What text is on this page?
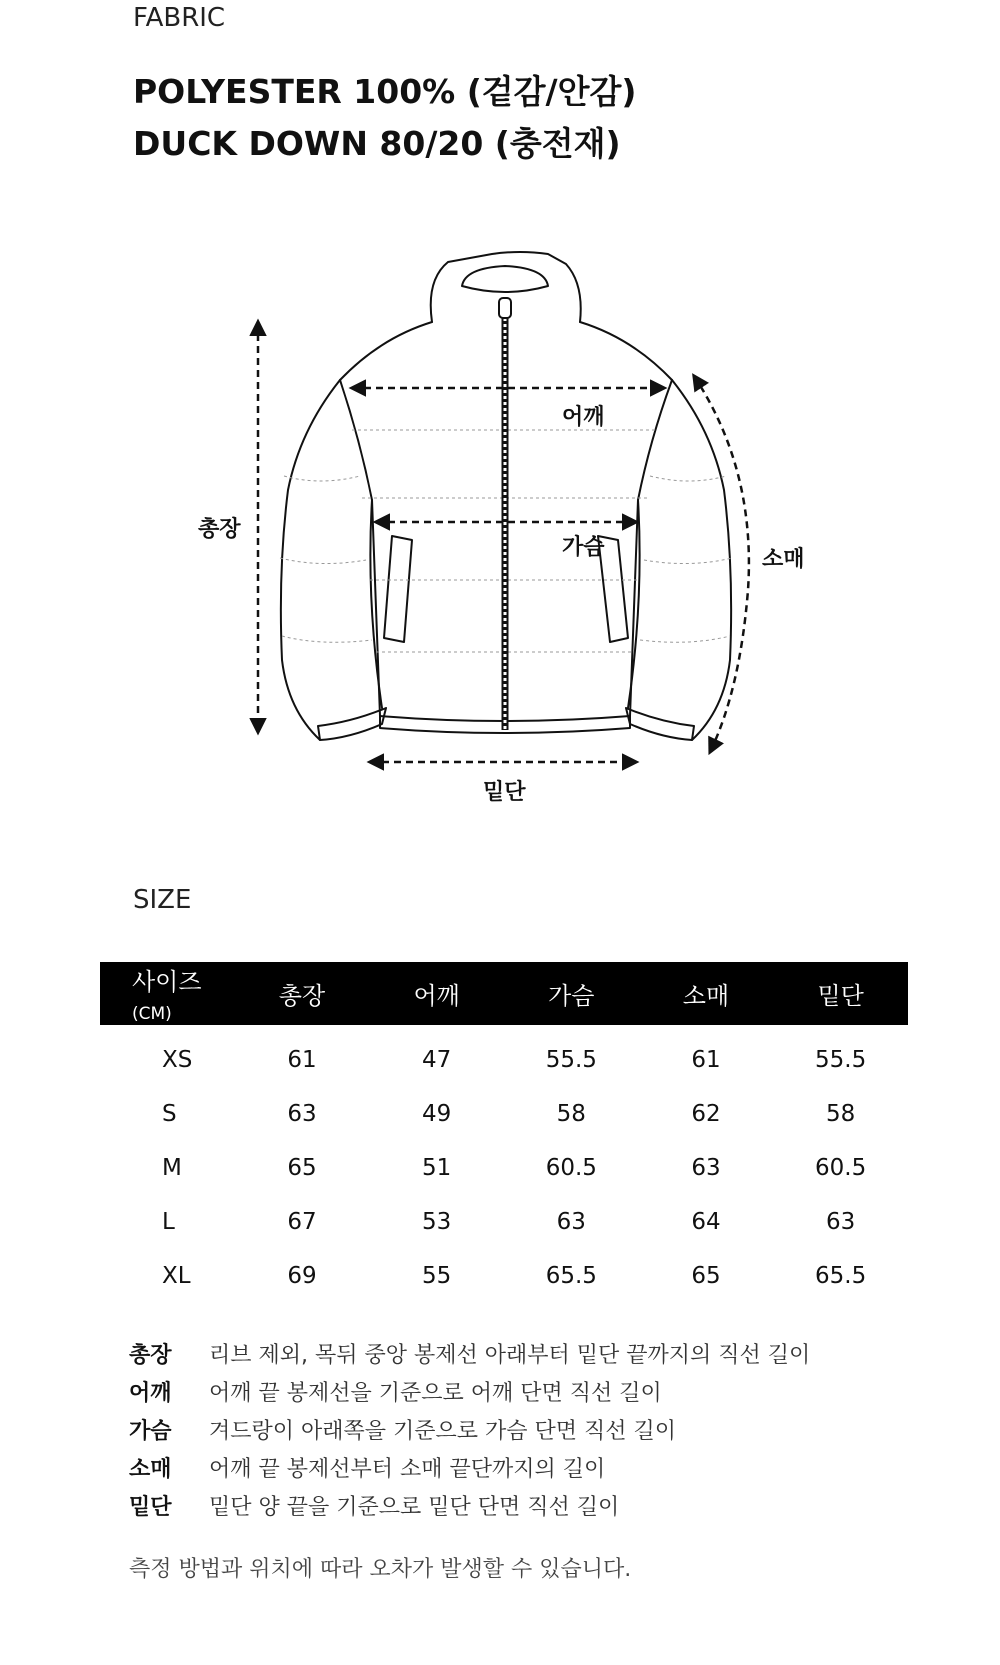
FABRIC
POLYESTER 100% (겉감/안감)
DUCK DOWN 80/20 (충전재)
총장
어깨
가슴	소매
밑단
SIZE
사이즈(CM)	총장	어깨	가슴	소매	밑단
XS	61	47	55.5	61	55.5
S	63	49	58	62	58
M	65	51	60.5	63	60.5
L	67	53	63	64	63
XL	69	55	65.5	65	65.5
총장	리브 제외, 목뒤 중앙 봉제선 아래부터 밑단 끝까지의 직선 길이
어깨	어깨 끝 봉제선을 기준으로 어깨 단면 직선 길이
가슴	겨드랑이 아래쪽을 기준으로 가슴 단면 직선 길이
소매	어깨 끝 봉제선부터 소매 끝단까지의 길이
밑단	밑단 양 끝을 기준으로 밑단 단면 직선 길이
측정 방법과 위치에 따라 오차가 발생할 수 있습니다.
